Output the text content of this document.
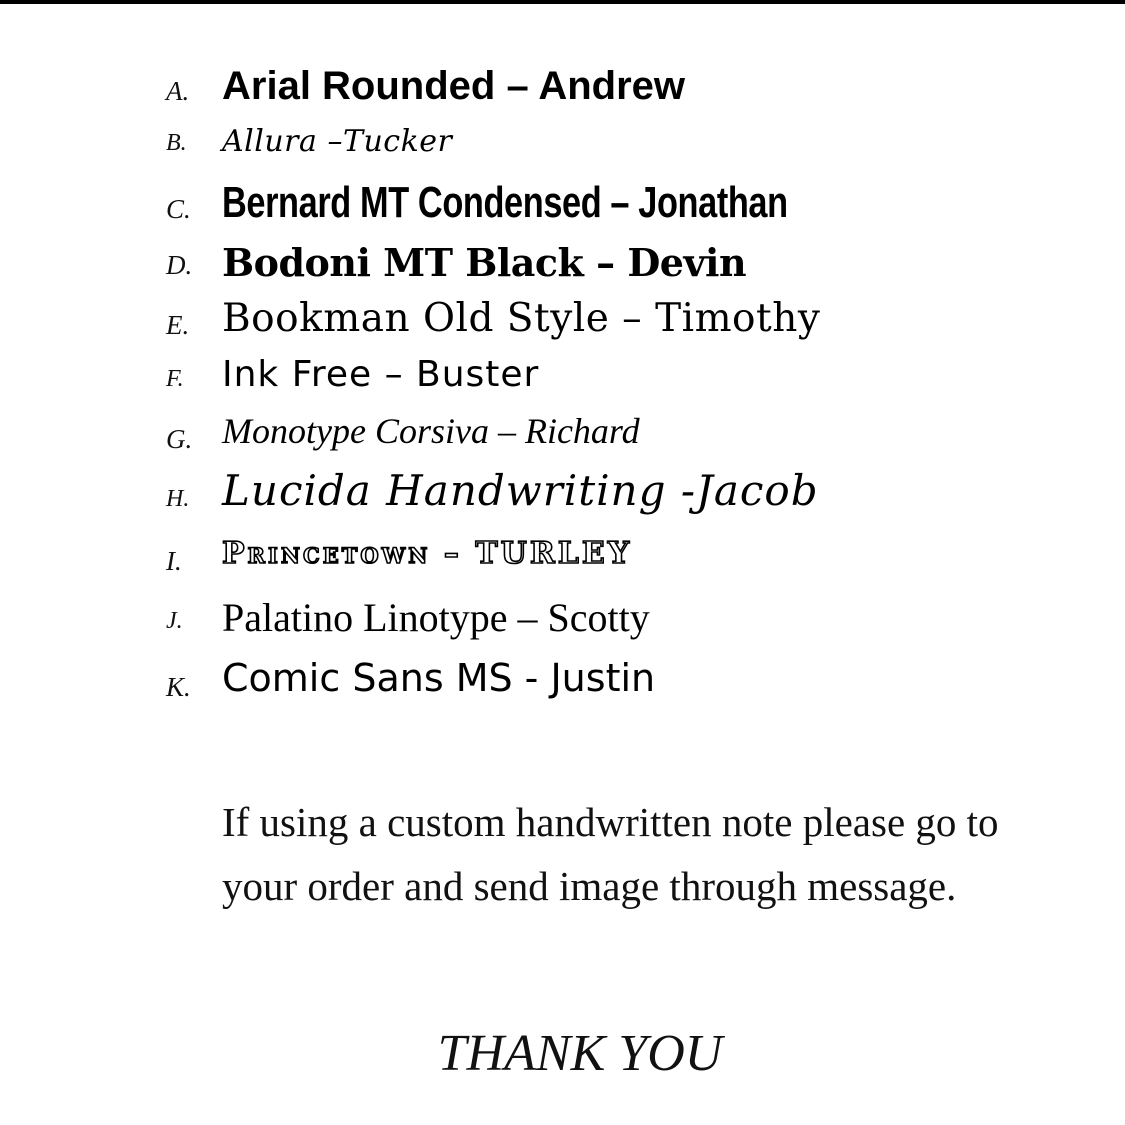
A. Arial Rounded – Andrew
B. Allura –Tucker
C. Bernard MT Condensed – Jonathan
D. Bodoni MT Black – Devin
E. Bookman Old Style – Timothy
F. Ink Free – Buster
G. Monotype Corsiva – Richard
H. Lucida Handwriting -Jacob
I. Princetown – TURLEY
J. Palatino Linotype – Scotty
K. Comic Sans MS - Justin
If using a custom handwritten note please go to your order and send image through message.
THANK YOU
